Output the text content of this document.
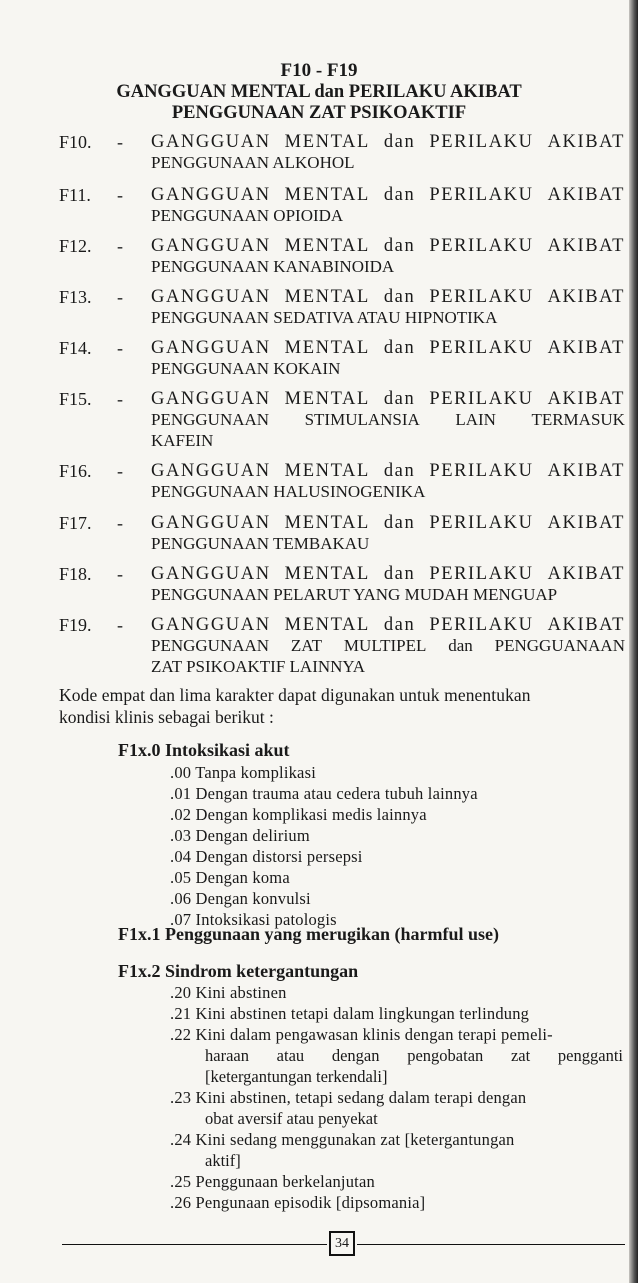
F10 - F19
GANGGUAN MENTAL dan PERILAKU AKIBAT
PENGGUNAAN ZAT PSIKOAKTIF
F10. - GANGGUAN MENTAL dan PERILAKU AKIBAT
PENGGUNAAN ALKOHOL
F11. - GANGGUAN MENTAL dan PERILAKU AKIBAT
PENGGUNAAN OPIOIDA
F12. - GANGGUAN MENTAL dan PERILAKU AKIBAT
PENGGUNAAN KANABINOIDA
F13. - GANGGUAN MENTAL dan PERILAKU AKIBAT
PENGGUNAAN SEDATIVA ATAU HIPNOTIKA
F14. - GANGGUAN MENTAL dan PERILAKU AKIBAT
PENGGUNAAN KOKAIN
F15. - GANGGUAN MENTAL dan PERILAKU AKIBAT
PENGGUNAAN STIMULANSIA LAIN TERMASUK
KAFEIN
F16. - GANGGUAN MENTAL dan PERILAKU AKIBAT
PENGGUNAAN HALUSINOGENIKA
F17. - GANGGUAN MENTAL dan PERILAKU AKIBAT
PENGGUNAAN TEMBAKAU
F18. - GANGGUAN MENTAL dan PERILAKU AKIBAT
PENGGUNAAN PELARUT YANG MUDAH MENGUAP
F19. - GANGGUAN MENTAL dan PERILAKU AKIBAT
PENGGUNAAN ZAT MULTIPEL dan PENGGUANAAN
ZAT PSIKOAKTIF LAINNYA
Kode empat dan lima karakter dapat digunakan untuk menentukan
kondisi klinis sebagai berikut :
F1x.0 Intoksikasi akut
.00 Tanpa komplikasi
.01 Dengan trauma atau cedera tubuh lainnya
.02 Dengan komplikasi medis lainnya
.03 Dengan delirium
.04 Dengan distorsi persepsi
.05 Dengan koma
.06 Dengan konvulsi
.07 Intoksikasi patologis
F1x.1 Penggunaan yang merugikan (harmful use)
F1x.2 Sindrom ketergantungan
.20 Kini abstinen
.21 Kini abstinen tetapi dalam lingkungan terlindung
.22 Kini dalam pengawasan klinis dengan terapi pemeli-
haraan atau dengan pengobatan zat pengganti
[ketergantungan terkendali]
.23 Kini abstinen, tetapi sedang dalam terapi dengan
obat aversif atau penyekat
.24 Kini sedang menggunakan zat [ketergantungan
aktif]
.25 Penggunaan berkelanjutan
.26 Pengunaan episodik [dipsomania]
34
